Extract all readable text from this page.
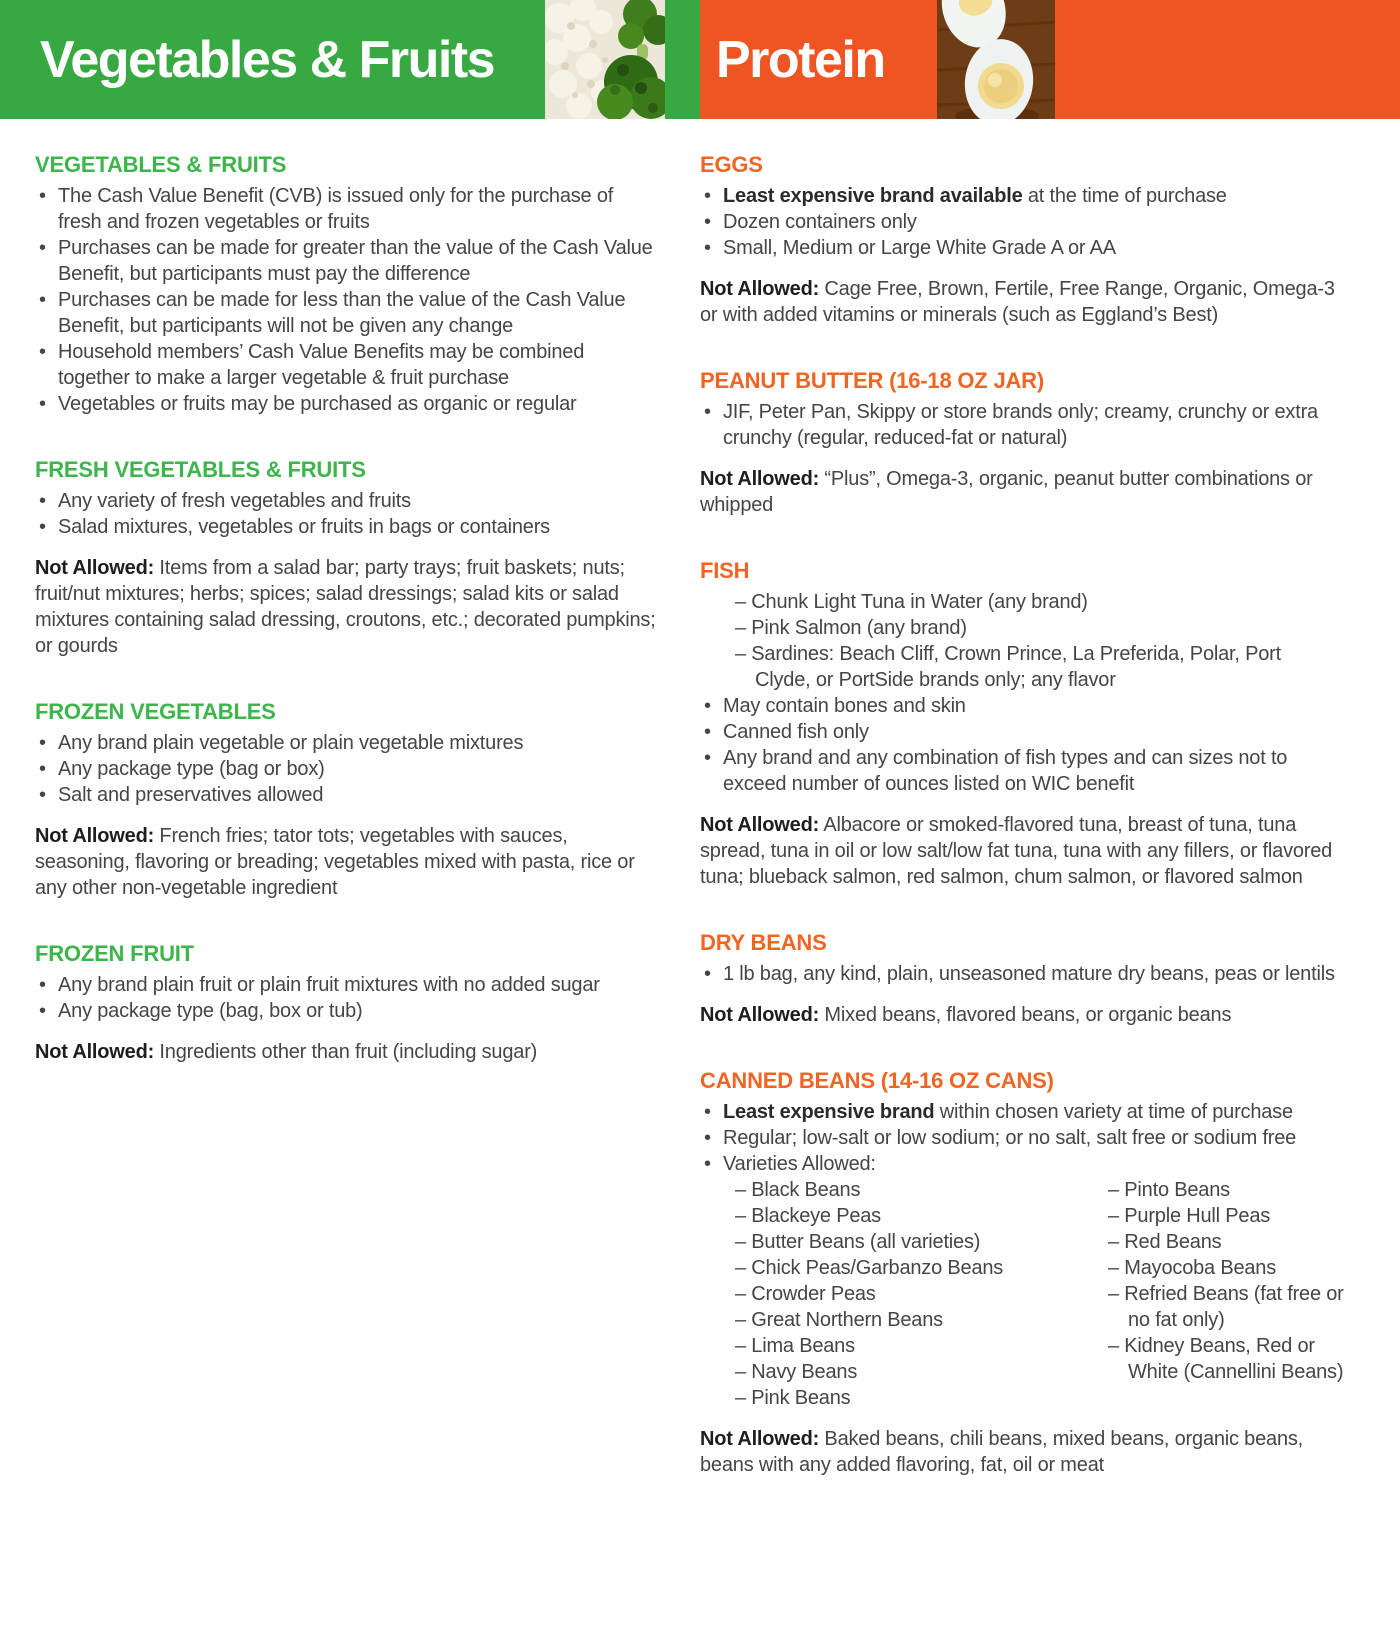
Vegetables & Fruits	Protein
VEGETABLES & FRUITS
• The Cash Value Benefit (CVB) is issued only for the purchase of fresh and frozen vegetables or fruits
• Purchases can be made for greater than the value of the Cash Value Benefit, but participants must pay the difference
• Purchases can be made for less than the value of the Cash Value Benefit, but participants will not be given any change
• Household members’ Cash Value Benefits may be combined together to make a larger vegetable & fruit purchase
• Vegetables or fruits may be purchased as organic or regular
FRESH VEGETABLES & FRUITS
• Any variety of fresh vegetables and fruits
• Salad mixtures, vegetables or fruits in bags or containers

Not Allowed: Items from a salad bar; party trays; fruit baskets; nuts; fruit/nut mixtures; herbs; spices; salad dressings; salad kits or salad mixtures containing salad dressing, croutons, etc.; decorated pumpkins; or gourds

FROZEN VEGETABLES
• Any brand plain vegetable or plain vegetable mixtures
• Any package type (bag or box)
• Salt and preservatives allowed

Not Allowed: French fries; tator tots; vegetables with sauces, seasoning, flavoring or breading; vegetables mixed with pasta, rice or any other non-vegetable ingredient

FROZEN FRUIT
• Any brand plain fruit or plain fruit mixtures with no added sugar
• Any package type (bag, box or tub)

Not Allowed: Ingredients other than fruit (including sugar)

EGGS
• Least expensive brand available at the time of purchase
• Dozen containers only
• Small, Medium or Large White Grade A or AA

Not Allowed: Cage Free, Brown, Fertile, Free Range, Organic, Omega-3 or with added vitamins or minerals (such as Eggland’s Best)

PEANUT BUTTER (16-18 OZ JAR)
• JIF, Peter Pan, Skippy or store brands only; creamy, crunchy or extra crunchy (regular, reduced-fat or natural)

Not Allowed: “Plus”, Omega-3, organic, peanut butter combinations or whipped

FISH
– Chunk Light Tuna in Water (any brand)
– Pink Salmon (any brand)
– Sardines: Beach Cliff, Crown Prince, La Preferida, Polar, Port Clyde, or PortSide brands only; any flavor
• May contain bones and skin
• Canned fish only
• Any brand and any combination of fish types and can sizes not to exceed number of ounces listed on WIC benefit

Not Allowed: Albacore or smoked-flavored tuna, breast of tuna, tuna spread, tuna in oil or low salt/low fat tuna, tuna with any fillers, or flavored tuna; blueback salmon, red salmon, chum salmon, or flavored salmon

DRY BEANS
• 1 lb bag, any kind, plain, unseasoned mature dry beans, peas or lentils

Not Allowed: Mixed beans, flavored beans, or organic beans

CANNED BEANS (14-16 OZ CANS)
• Least expensive brand within chosen variety at time of purchase
• Regular; low-salt or low sodium; or no salt, salt free or sodium free
• Varieties Allowed:
– Black Beans
– Blackeye Peas
– Butter Beans (all varieties)
– Chick Peas/Garbanzo Beans
– Crowder Peas
– Great Northern Beans
– Lima Beans
– Navy Beans
– Pink Beans
– Pinto Beans
– Purple Hull Peas
– Red Beans
– Mayocoba Beans
– Refried Beans (fat free or no fat only)
– Kidney Beans, Red or White (Cannellini Beans)

Not Allowed: Baked beans, chili beans, mixed beans, organic beans, beans with any added flavoring, fat, oil or meat
